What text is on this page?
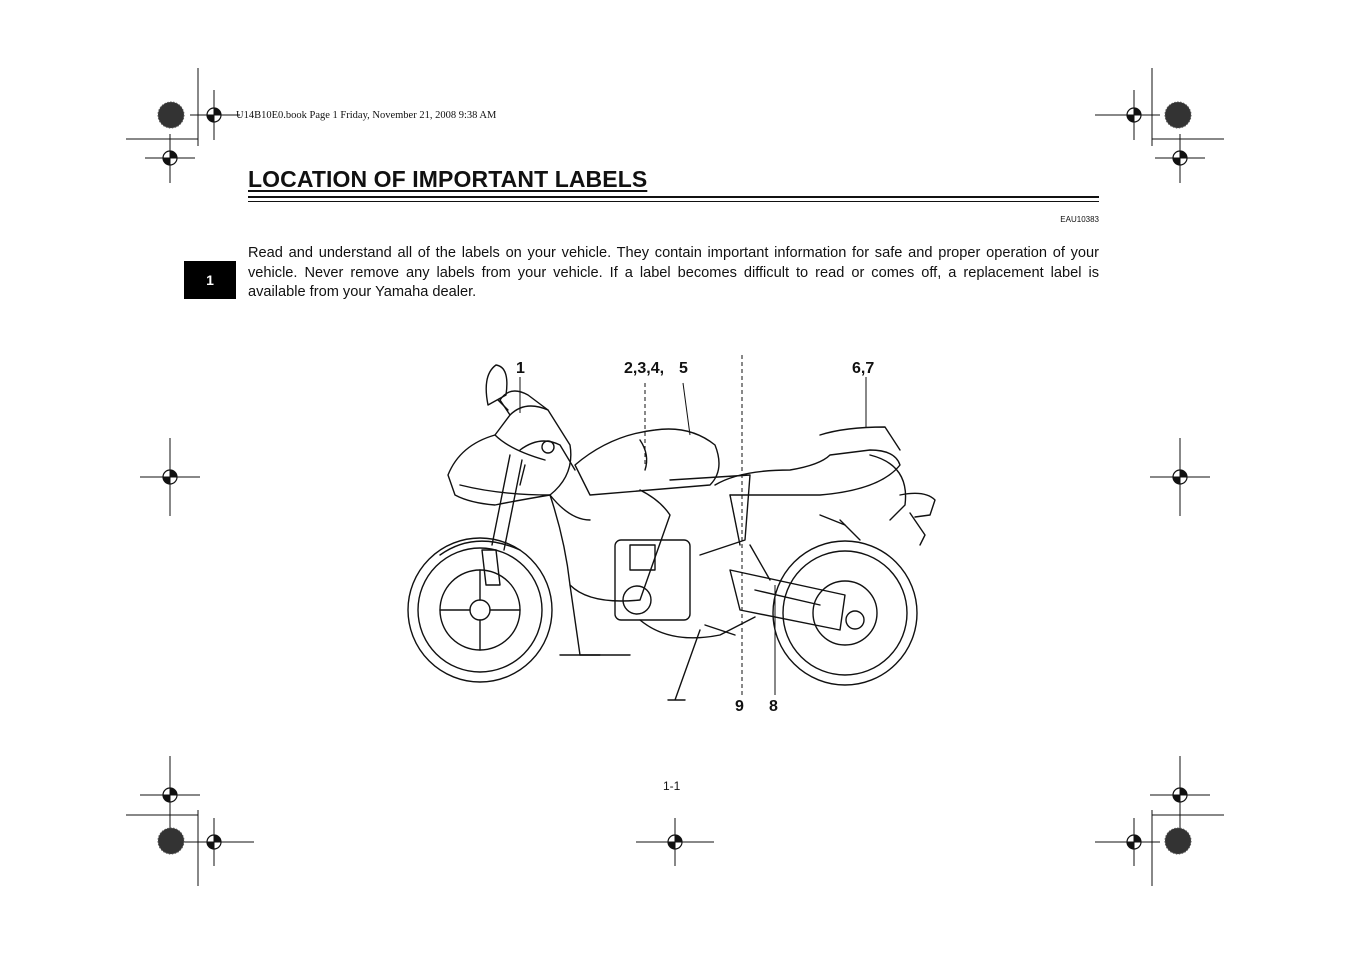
U14B10E0.book Page 1 Friday, November 21, 2008 9:38 AM
LOCATION OF IMPORTANT LABELS
EAU10383
1
Read and understand all of the labels on your vehicle. They contain important information for safe and proper operation of your vehicle. Never remove any labels from your vehicle. If a label becomes difficult to read or comes off, a replacement label is available from your Yamaha dealer.
1	2,3,4, 5	6,7
9 8
1-1
